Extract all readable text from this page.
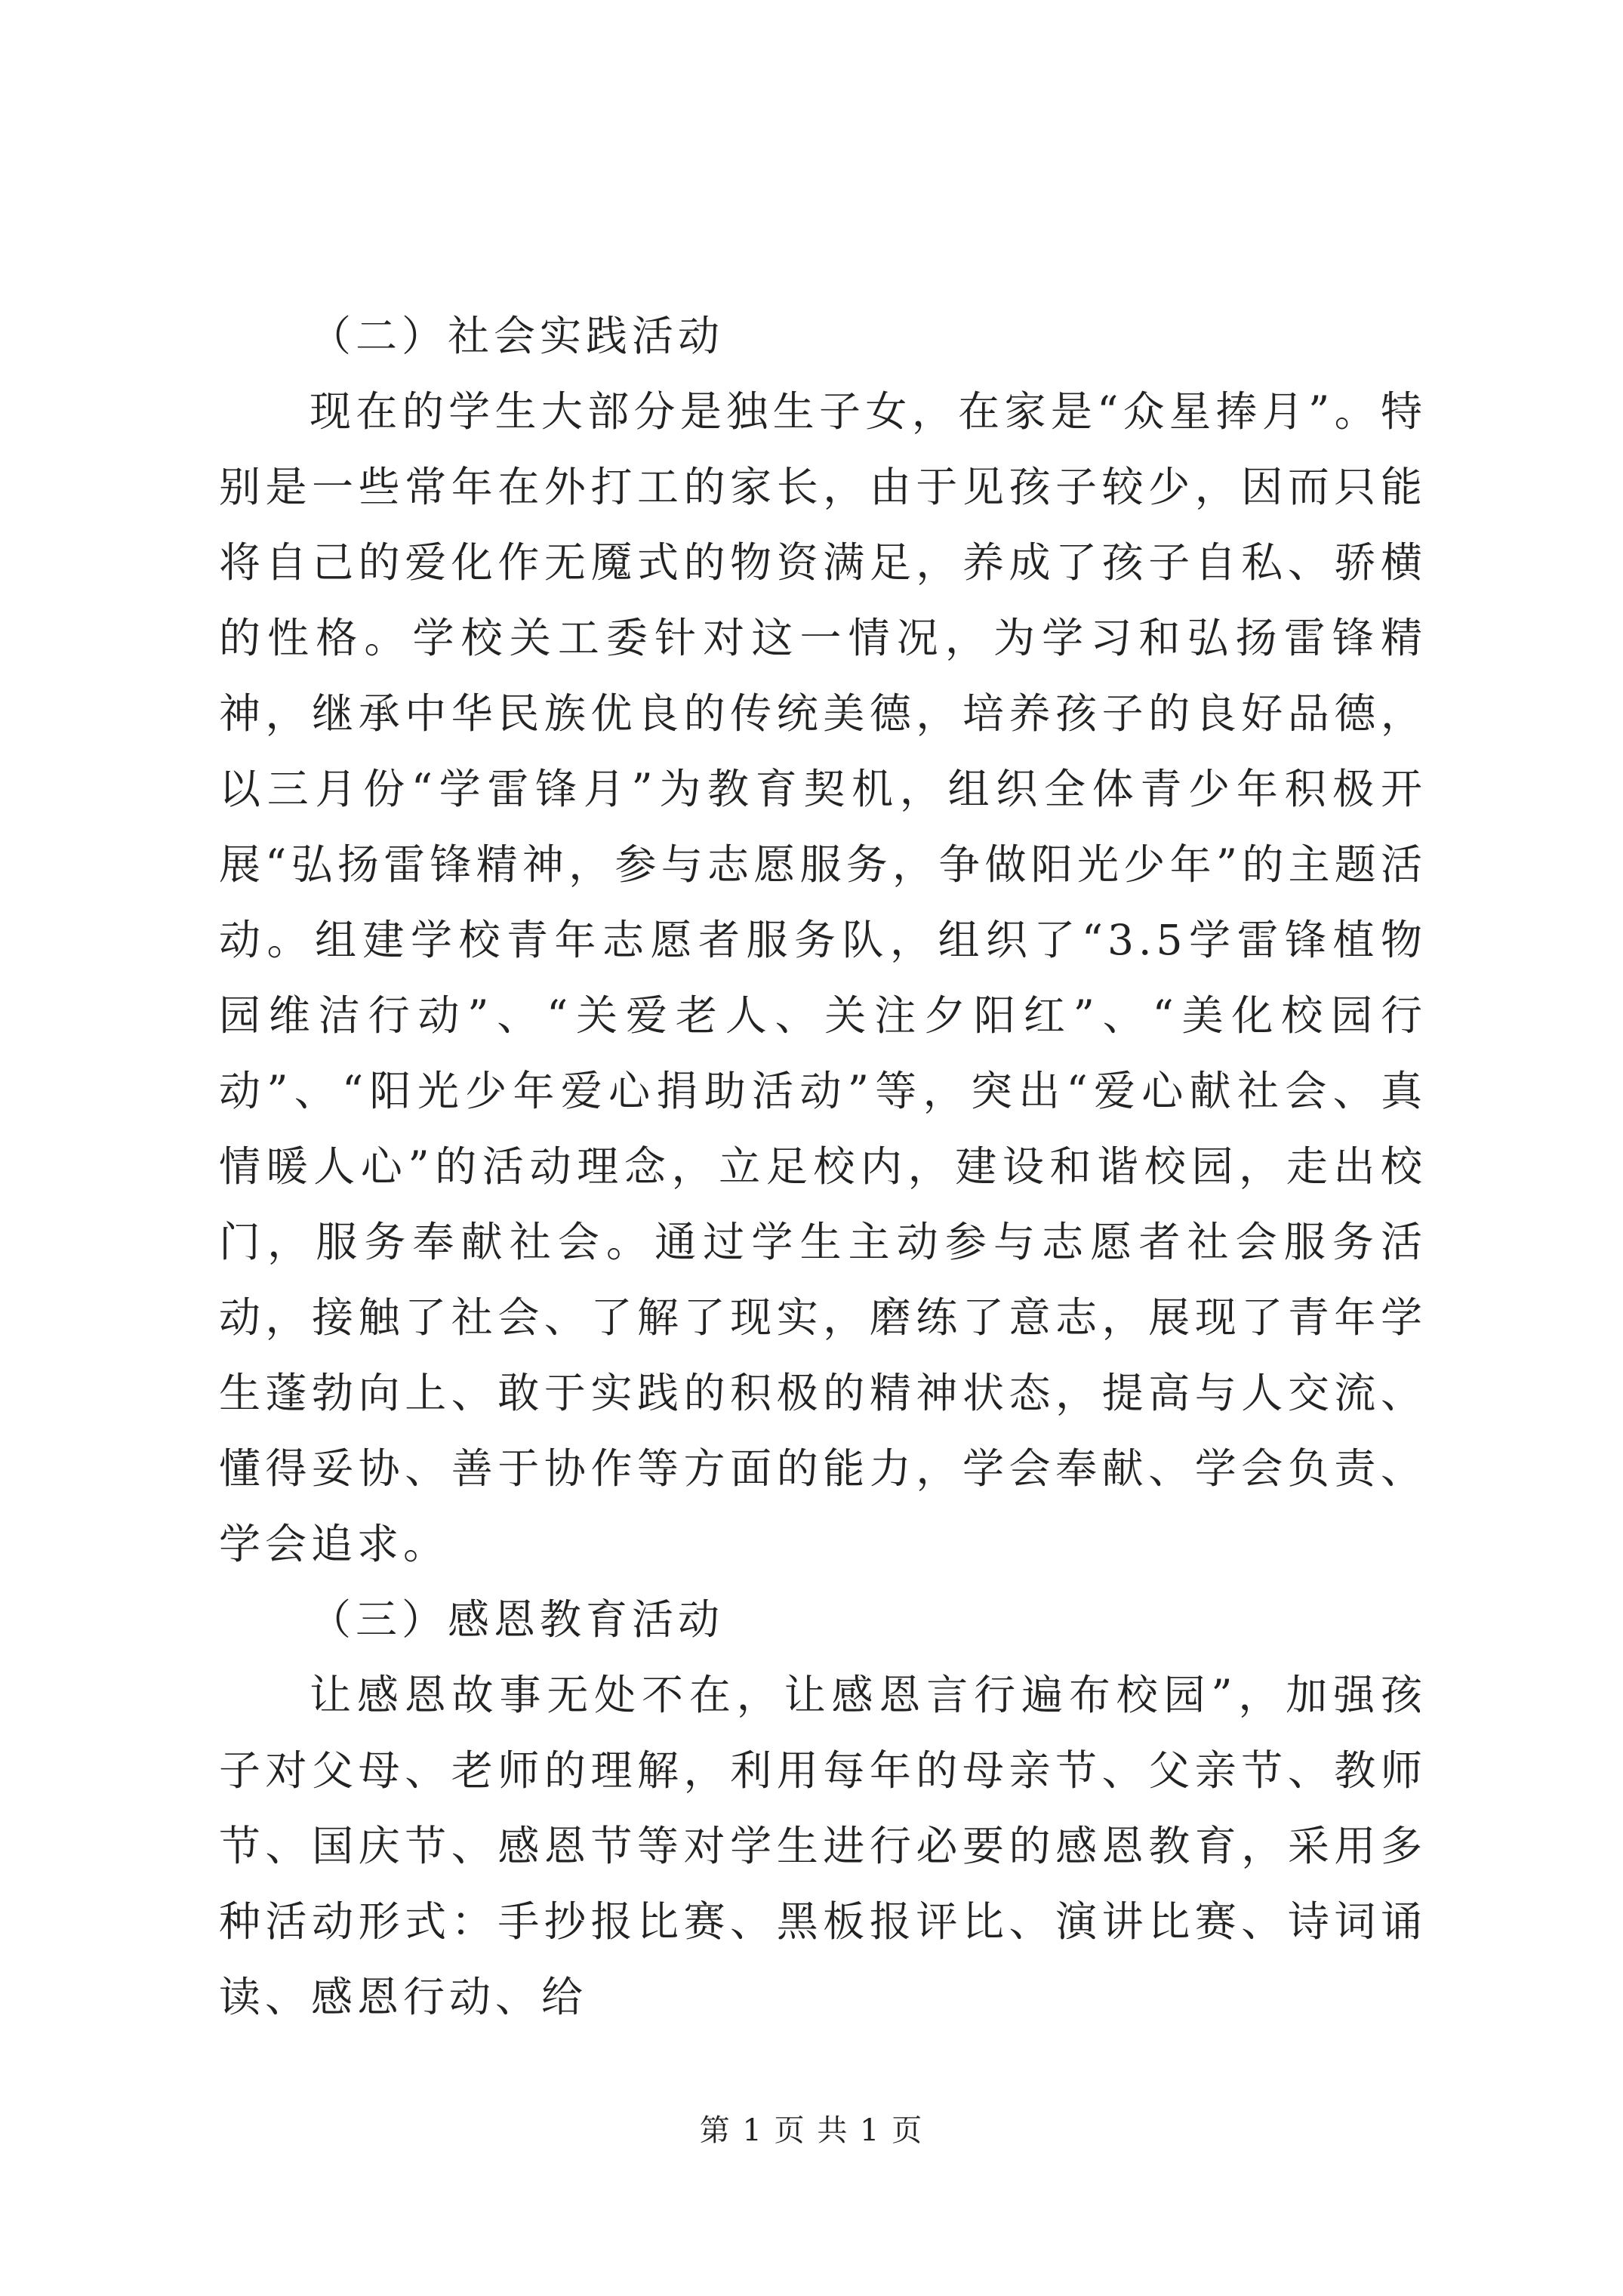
（二）社会实践活动

现在的学生大部分是独生子女，在家是“众星捧月”。特别是一些常年在外打工的家长，由于见孩子较少，因而只能将自己的爱化作无魇式的物资满足，养成了孩子自私、骄横的性格。学校关工委针对这一情况，为学习和弘扬雷锋精神，继承中华民族优良的传统美德，培养孩子的良好品德，以三月份“学雷锋月”为教育契机，组织全体青少年积极开展“弘扬雷锋精神，参与志愿服务，争做阳光少年”的主题活动。组建学校青年志愿者服务队，组织了“3.5学雷锋植物园维洁行动”、“关爱老人、关注夕阳红”、“美化校园行动”、“阳光少年爱心捐助活动”等，突出“爱心献社会、真情暖人心”的活动理念，立足校内，建设和谐校园，走出校门，服务奉献社会。通过学生主动参与志愿者社会服务活动，接触了社会、了解了现实，磨练了意志，展现了青年学生蓬勃向上、敢于实践的积极的精神状态，提高与人交流、懂得妥协、善于协作等方面的能力，学会奉献、学会负责、学会追求。

（三）感恩教育活动

让感恩故事无处不在，让感恩言行遍布校园”，加强孩子对父母、老师的理解，利用每年的母亲节、父亲节、教师节、国庆节、感恩节等对学生进行必要的感恩教育，采用多种活动形式：手抄报比赛、黑板报评比、演讲比赛、诗词诵读、感恩行动、给

第 1 页 共 1 页
